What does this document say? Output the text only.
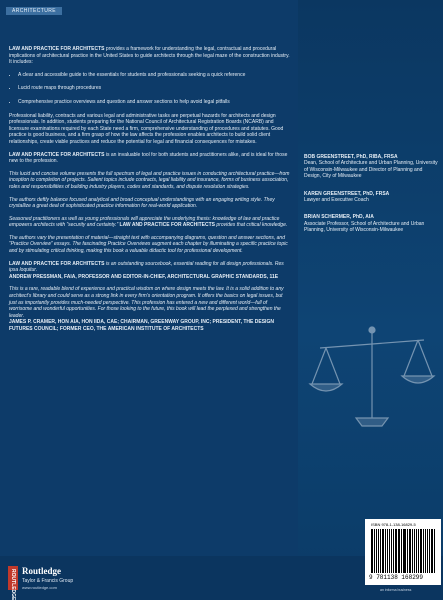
ARCHITECTURE

LAW AND PRACTICE FOR ARCHITECTS provides a framework for understanding the legal, contractual and procedural implications of architectural practice in the United States to guide architects through the legal maze of the construction industry. It includes:

• A clear and accessible guide to the essentials for students and professionals seeking a quick reference
• Lucid route maps through procedures
• Comprehensive practice overviews and question and answer sections to help avoid legal pitfalls

Professional liability, contracts and various legal and administrative tasks are perpetual hazards for architects and design professionals. In addition, students preparing for the National Council of Architectural Registration Boards (NCARB) and licensure examinations required by each State need a firm, comprehensive understanding of procedures and statutes. Good practice is good business, and a firm grasp of how the law affects the profession enables architects to build solid client relationships, create viable practices and reduce the potential for legal and financial consequences for mistakes.

LAW AND PRACTICE FOR ARCHITECTS is an invaluable tool for both students and practitioners alike, and is ideal for those new to the profession.

This lucid and concise volume presents the full spectrum of legal and practice issues in conducting architectural practice—from inception to completion of projects. Salient topics include contracts, legal liability and insurance, forms of business association, roles and responsibilities of building industry players, codes and standards, and dispute resolution strategies.

The authors deftly balance focused analytical and broad conceptual understandings with an engaging writing style. They crystallize a great deal of sophisticated practice information for real-world application.

Seasoned practitioners as well as young professionals will appreciate the underlying thesis: knowledge of law and practice empowers architects with “security and certainty.” LAW AND PRACTICE FOR ARCHITECTS provides that critical knowledge.

The authors vary the presentation of material—straight text with accompanying diagrams, question and answer sections, and “Practice Overview” essays. The fascinating Practice Overviews augment each chapter by illuminating a specific practice topic and by stimulating critical thinking, making this book a valuable didactic tool for professional development.

LAW AND PRACTICE FOR ARCHITECTS is an outstanding sourcebook, essential reading for all design professionals. Res ipsa loquitur.
ANDREW PRESSMAN, FAIA, PROFESSOR AND EDITOR-IN-CHIEF, ARCHITECTURAL GRAPHIC STANDARDS, 11E

This is a rare, readable blend of experience and practical wisdom on where design meets the law. It is a solid addition to any architect’s library and could serve as a strong link in every firm’s orientation program. It offers the basics on legal issues, but just as importantly provides much-needed perspective. This profession has entered a new and different world—full of worrisome and wonderful opportunities. For those looking to the future, this book will lead the perplexed and strengthen the leader.
JAMES P. CRAMER, HON AIA, HON IIDA, CAE; CHAIRMAN, GREENWAY GROUP, INC; PRESIDENT, THE DESIGN FUTURES COUNCIL; FORMER CEO, THE AMERICAN INSTITUTE OF ARCHITECTS

BOB GREENSTREET, PhD, RIBA, FRSA
Dean, School of Architecture and Urban Planning, University of Wisconsin-Milwaukee and Director of Planning and Design, City of Milwaukee
KAREN GREENSTREET, PhD, FRSA
Lawyer and Executive Coach
BRIAN SCHERMER, PhD, AIA
Associate Professor, School of Architecture and Urban Planning, University of Wisconsin-Milwaukee
ROUTLEDGE Routledge
Taylor & Francis Group
www.routledge.com
ISBN 978-1-138-16829-5
9 781138 168299
an informa business
